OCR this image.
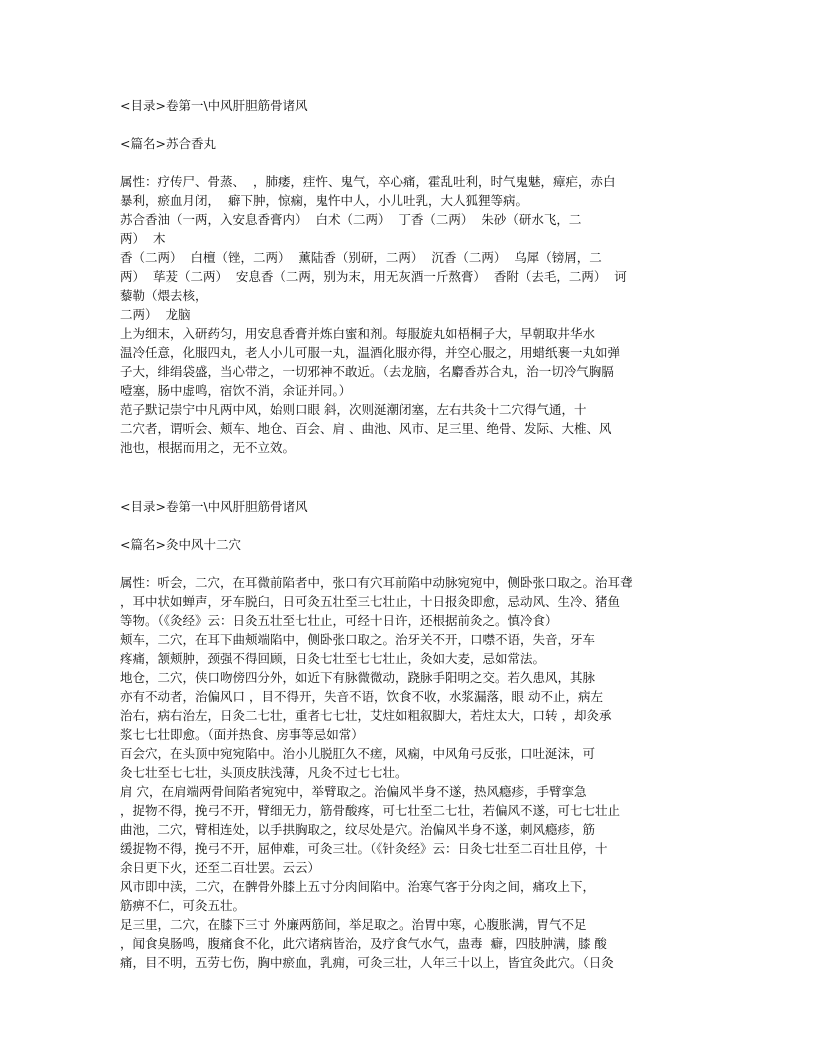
<目录>卷第一\中风肝胆筋骨诸风
<篇名>苏合香丸
属性：疗传尸、骨蒸、  ，肺痿，疰忤、鬼气，卒心痛，霍乱吐利，时气鬼魅，瘴疟，赤白
暴利，瘀血月闭，  癖下肿，惊痫，鬼忤中人，小儿吐乳，大人狐狸等病。
苏合香油（一两，入安息香膏内）  白术（二两）  丁香（二两）  朱砂（研水飞，二
两）  木
香（二两）  白檀（锉，二两）  薰陆香（别研，二两）  沉香（二两）  乌犀（镑屑，二
两）  荜茇（二两）  安息香（二两，别为末，用无灰酒一斤熬膏）  香附（去毛，二两）  诃
藜勒（煨去核，
二两）  龙脑
上为细末，入研药匀，用安息香膏并炼白蜜和剂。每服旋丸如梧桐子大，早朝取井华水
温冷任意，化服四丸，老人小儿可服一丸，温酒化服亦得，并空心服之，用蜡纸裹一丸如弹
子大，绯绢袋盛，当心带之，一切邪神不敢近。（去龙脑，名麝香苏合丸，治一切冷气胸膈
噎塞，肠中虚鸣，宿饮不消，余证并同。）
范子默记崇宁中凡两中风，始则口眼 斜，次则涎潮闭塞，左右共灸十二穴得气通，十
二穴者，谓听会、颊车、地仓、百会、肩 、曲池、风市、足三里、绝骨、发际、大椎、风
池也，根据而用之，无不立效。
<目录>卷第一\中风肝胆筋骨诸风
<篇名>灸中风十二穴
属性：听会，二穴，在耳微前陷者中，张口有穴耳前陷中动脉宛宛中，侧卧张口取之。治耳聋
，耳中状如蝉声，牙车脱臼，日可灸五壮至三七壮止，十日报灸即愈，忌动风、生冷、猪鱼
等物。（《灸经》云：日灸五壮至七壮止，可经十日许，还根据前灸之。慎冷食）
颊车，二穴，在耳下曲颊端陷中，侧卧张口取之。治牙关不开，口噤不语，失音，牙车
疼痛，颔颊肿，颈强不得回顾，日灸七壮至七七壮止，灸如大麦，忌如常法。
地仓，二穴，侠口吻傍四分外，如近下有脉微微动，跷脉手阳明之交。若久患风，其脉
亦有不动者，治偏风口 ，目不得开，失音不语，饮食不收，水浆漏落，眼 动不止，病左
治右，病右治左，日灸二七壮，重者七七壮，艾炷如粗叙脚大，若炷太大，口转 ，却灸承
浆七七壮即愈。（面并热食、房事等忌如常）
百会穴，在头顶中宛宛陷中。治小儿脱肛久不瘥，风痫，中风角弓反张，口吐涎沫，可
灸七壮至七七壮，头顶皮肤浅薄，凡灸不过七七壮。
肩 穴，在肩端两骨间陷者宛宛中，举臂取之。治偏风半身不遂，热风瘾疹，手臂挛急
，捉物不得，挽弓不开，臂细无力，筋骨酸疼，可七壮至二七壮，若偏风不遂，可七七壮止
曲池，二穴，臂相连处，以手拱胸取之，纹尽处是穴。治偏风半身不遂，刺风瘾疹，筋
缓捉物不得，挽弓不开，屈伸难，可灸三壮。（《针灸经》云：日灸七壮至二百壮且停，十
余日更下火，还至二百壮罢。云云）
风市即中渎，二穴，在髀骨外膝上五寸分肉间陷中。治寒气客于分肉之间，痛攻上下，
筋痹不仁，可灸五壮。
足三里，二穴，在膝下三寸 外廉两筋间，举足取之。治胃中寒，心腹胀满，胃气不足
，闻食臭肠鸣，腹痛食不化，此穴诸病皆治，及疗食气水气，蛊毒  癖，四肢肿满，膝 酸
痛，目不明，五劳七伤，胸中瘀血，乳痈，可灸三壮，人年三十以上，皆宜灸此穴。（日灸
